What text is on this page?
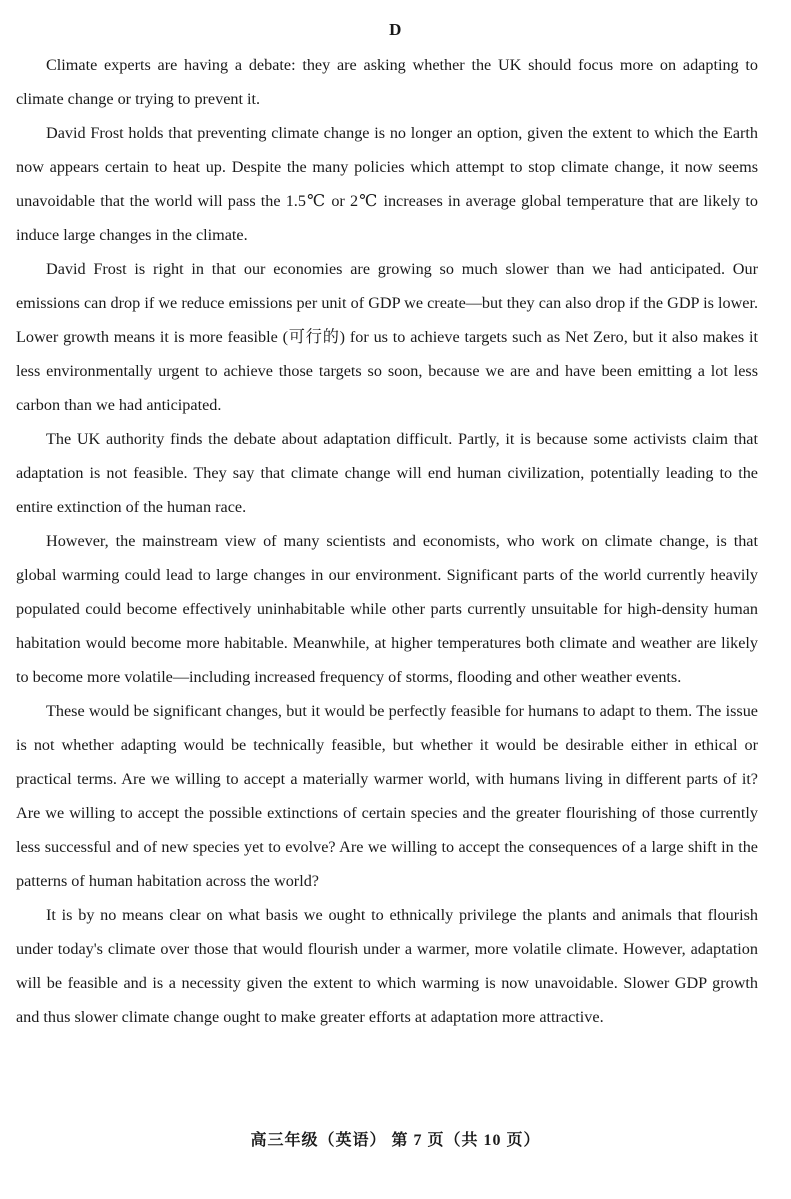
D

Climate experts are having a debate: they are asking whether the UK should focus more on adapting to climate change or trying to prevent it.

David Frost holds that preventing climate change is no longer an option, given the extent to which the Earth now appears certain to heat up. Despite the many policies which attempt to stop climate change, it now seems unavoidable that the world will pass the 1.5℃ or 2℃ increases in average global temperature that are likely to induce large changes in the climate.

David Frost is right in that our economies are growing so much slower than we had anticipated. Our emissions can drop if we reduce emissions per unit of GDP we create—but they can also drop if the GDP is lower. Lower growth means it is more feasible (可行的) for us to achieve targets such as Net Zero, but it also makes it less environmentally urgent to achieve those targets so soon, because we are and have been emitting a lot less carbon than we had anticipated.

The UK authority finds the debate about adaptation difficult. Partly, it is because some activists claim that adaptation is not feasible. They say that climate change will end human civilization, potentially leading to the entire extinction of the human race.

However, the mainstream view of many scientists and economists, who work on climate change, is that global warming could lead to large changes in our environment. Significant parts of the world currently heavily populated could become effectively uninhabitable while other parts currently unsuitable for high-density human habitation would become more habitable. Meanwhile, at higher temperatures both climate and weather are likely to become more volatile—including increased frequency of storms, flooding and other weather events.

These would be significant changes, but it would be perfectly feasible for humans to adapt to them. The issue is not whether adapting would be technically feasible, but whether it would be desirable either in ethical or practical terms. Are we willing to accept a materially warmer world, with humans living in different parts of it? Are we willing to accept the possible extinctions of certain species and the greater flourishing of those currently less successful and of new species yet to evolve? Are we willing to accept the consequences of a large shift in the patterns of human habitation across the world?

It is by no means clear on what basis we ought to ethnically privilege the plants and animals that flourish under today's climate over those that would flourish under a warmer, more volatile climate. However, adaptation will be feasible and is a necessity given the extent to which warming is now unavoidable. Slower GDP growth and thus slower climate change ought to make greater efforts at adaptation more attractive.

高三年级（英语） 第 7 页（共 10 页）
